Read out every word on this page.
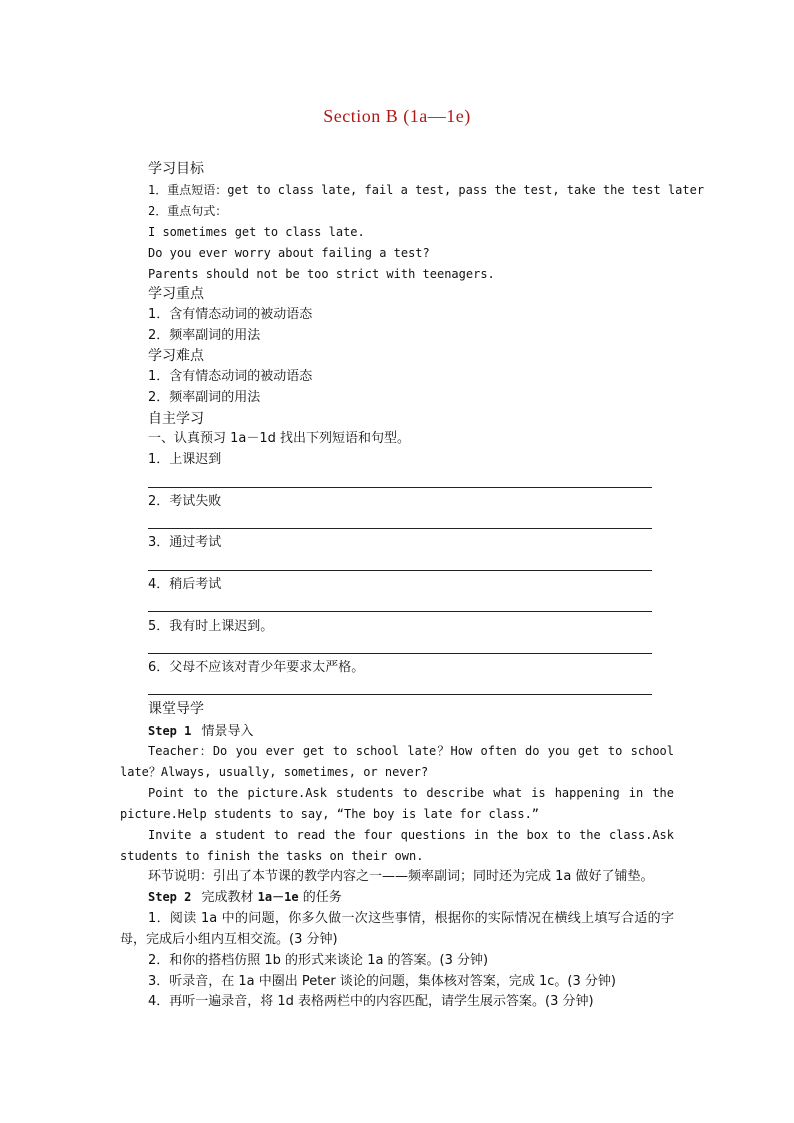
Section B (1a—1e)
学习目标
1．重点短语：get to class late, fail a test, pass the test, take the test later
2．重点句式：
I sometimes get to class late.
Do you ever worry about failing a test?
Parents should not be too strict with teenagers.
学习重点
1．含有情态动词的被动语态
2．频率副词的用法
学习难点
1．含有情态动词的被动语态
2．频率副词的用法
自主学习
一、认真预习 1a－1d 找出下列短语和句型。
1．上课迟到
2．考试失败
3．通过考试
4．稍后考试
5．我有时上课迟到。
6．父母不应该对青少年要求太严格。
课堂导学
Step 1 情景导入
Teacher：Do you ever get to school late？How often do you get to school late？Always, usually, sometimes, or never?
Point to the picture.Ask students to describe what is happening in the picture.Help students to say, “The boy is late for class.”
Invite a student to read the four questions in the box to the class.Ask students to finish the tasks on their own.
环节说明：引出了本节课的教学内容之一——频率副词；同时还为完成 1a 做好了铺垫。
Step 2 完成教材 1a－1e 的任务
1．阅读 1a 中的问题，你多久做一次这些事情，根据你的实际情况在横线上填写合适的字母，完成后小组内互相交流。(3 分钟)
2．和你的搭档仿照 1b 的形式来谈论 1a 的答案。(3 分钟)
3．听录音，在 1a 中圈出 Peter 谈论的问题，集体核对答案，完成 1c。(3 分钟)
4．再听一遍录音，将 1d 表格两栏中的内容匹配，请学生展示答案。(3 分钟)
